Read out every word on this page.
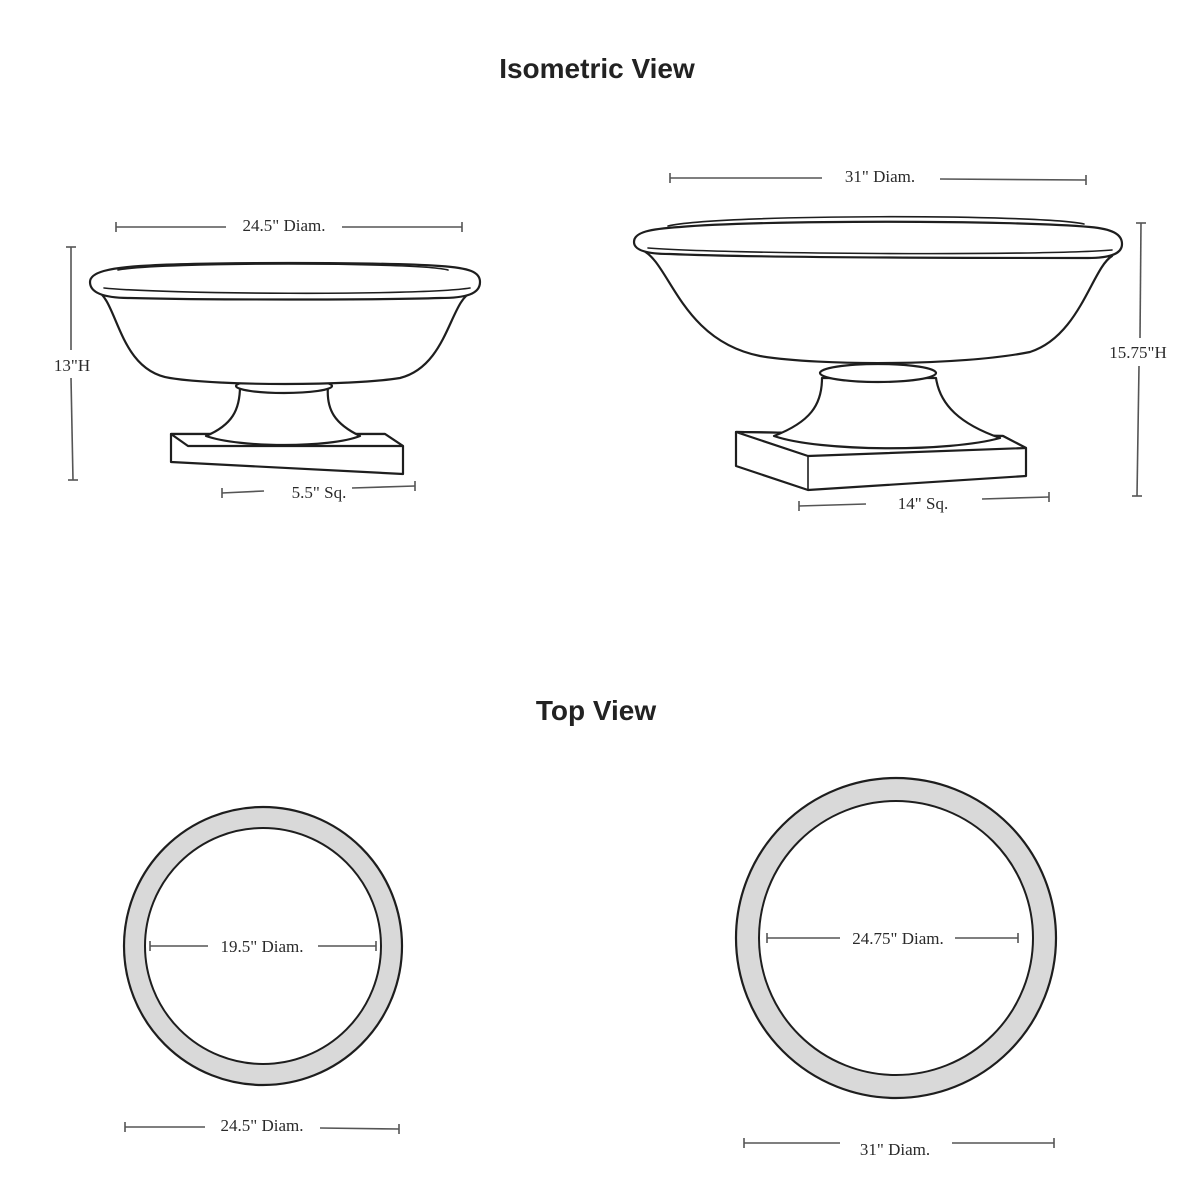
Isometric View
Top View
24.5" Diam.
13"H
5.5" Sq.
31" Diam.
15.75"H
14" Sq.
19.5" Diam.
24.5" Diam.
24.75" Diam.
31" Diam.
